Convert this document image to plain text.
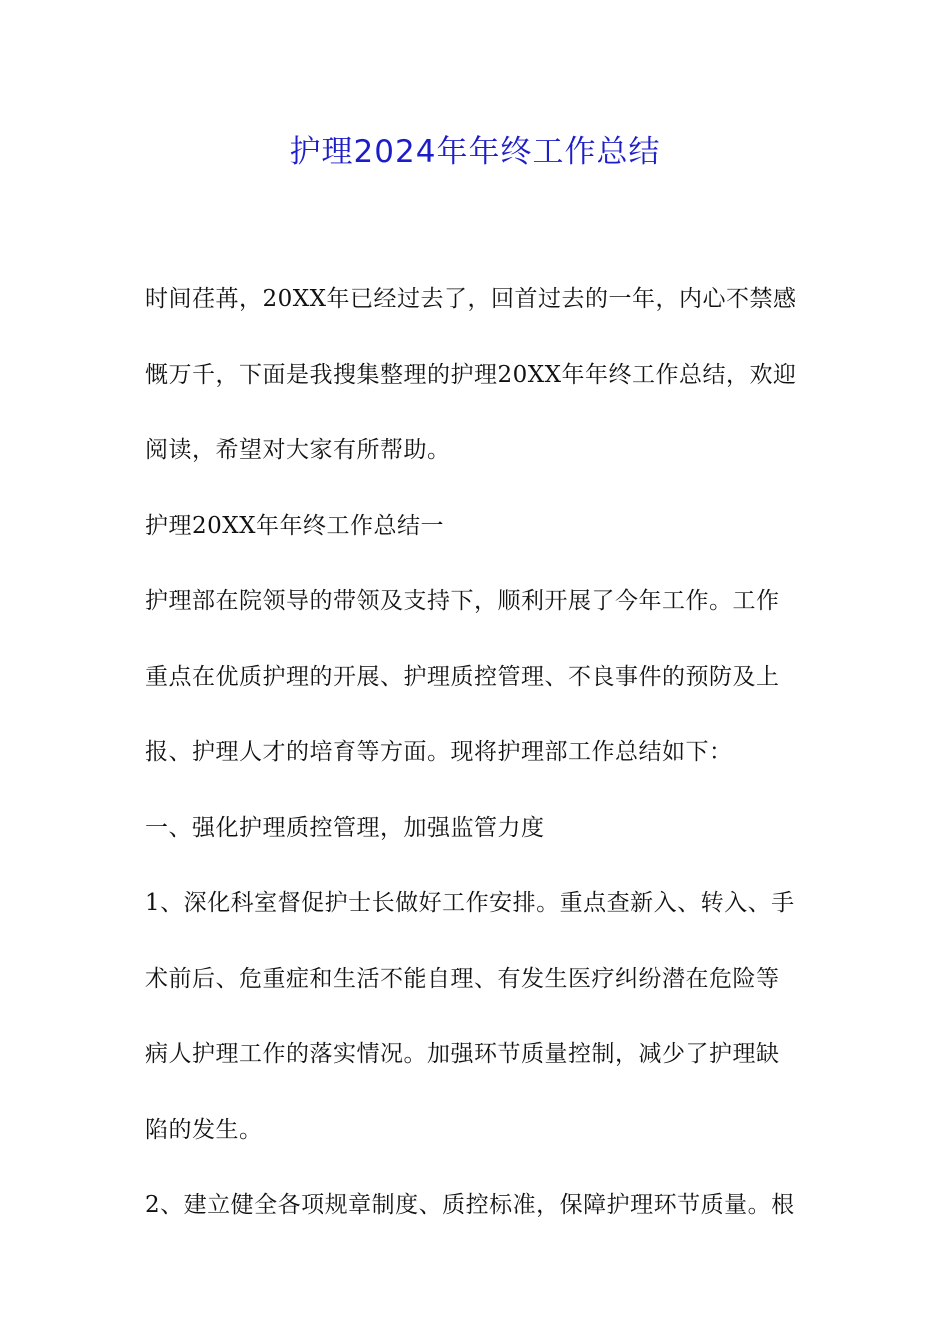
护理2024年年终工作总结
时间荏苒，20XX年已经过去了，回首过去的一年，内心不禁感
慨万千，下面是我搜集整理的护理20XX年年终工作总结，欢迎
阅读，希望对大家有所帮助。
护理20XX年年终工作总结一
护理部在院领导的带领及支持下，顺利开展了今年工作。工作
重点在优质护理的开展、护理质控管理、不良事件的预防及上
报、护理人才的培育等方面。现将护理部工作总结如下：
一、强化护理质控管理，加强监管力度
1、深化科室督促护士长做好工作安排。重点查新入、转入、手
术前后、危重症和生活不能自理、有发生医疗纠纷潜在危险等
病人护理工作的落实情况。加强环节质量控制，减少了护理缺
陷的发生。
2、建立健全各项规章制度、质控标准，保障护理环节质量。根
